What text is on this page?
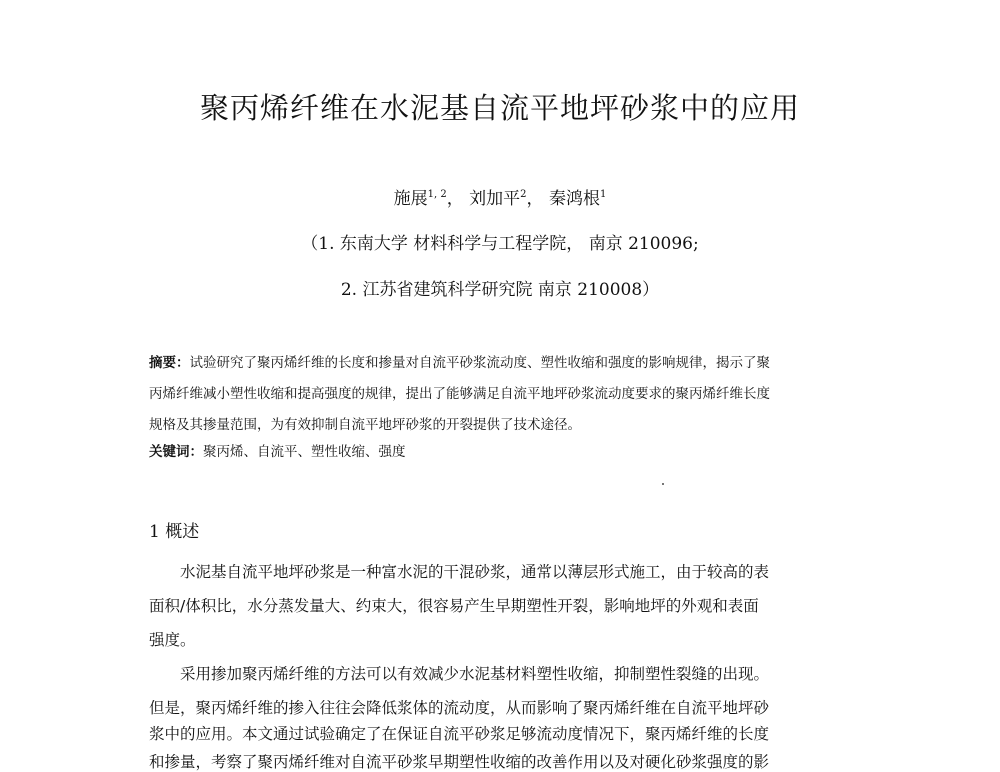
聚丙烯纤维在水泥基自流平地坪砂浆中的应用
施展$^{1, 2}$， 刘加平$^2$， 秦鸿根$^1$
（1. 东南大学 材料科学与工程学院， 南京 210096;
2. 江苏省建筑科学研究院 南京 210008）
摘要：试验研究了聚丙烯纤维的长度和掺量对自流平砂浆流动度、塑性收缩和强度的影响规律，揭示了聚
丙烯纤维减小塑性收缩和提高强度的规律，提出了能够满足自流平地坪砂浆流动度要求的聚丙烯纤维长度
规格及其掺量范围，为有效抑制自流平地坪砂浆的开裂提供了技术途径。
关键词：聚丙烯、自流平、塑性收缩、强度
1 概述
　　水泥基自流平地坪砂浆是一种富水泥的干混砂浆，通常以薄层形式施工，由于较高的表
面积/体积比，水分蒸发量大、约束大，很容易产生早期塑性开裂，影响地坪的外观和表面
强度。
　　采用掺加聚丙烯纤维的方法可以有效减少水泥基材料塑性收缩，抑制塑性裂缝的出现。
但是，聚丙烯纤维的掺入往往会降低浆体的流动度，从而影响了聚丙烯纤维在自流平地坪砂
浆中的应用。本文通过试验确定了在保证自流平砂浆足够流动度情况下，聚丙烯纤维的长度
和掺量，考察了聚丙烯纤维对自流平砂浆早期塑性收缩的改善作用以及对硬化砂浆强度的影
